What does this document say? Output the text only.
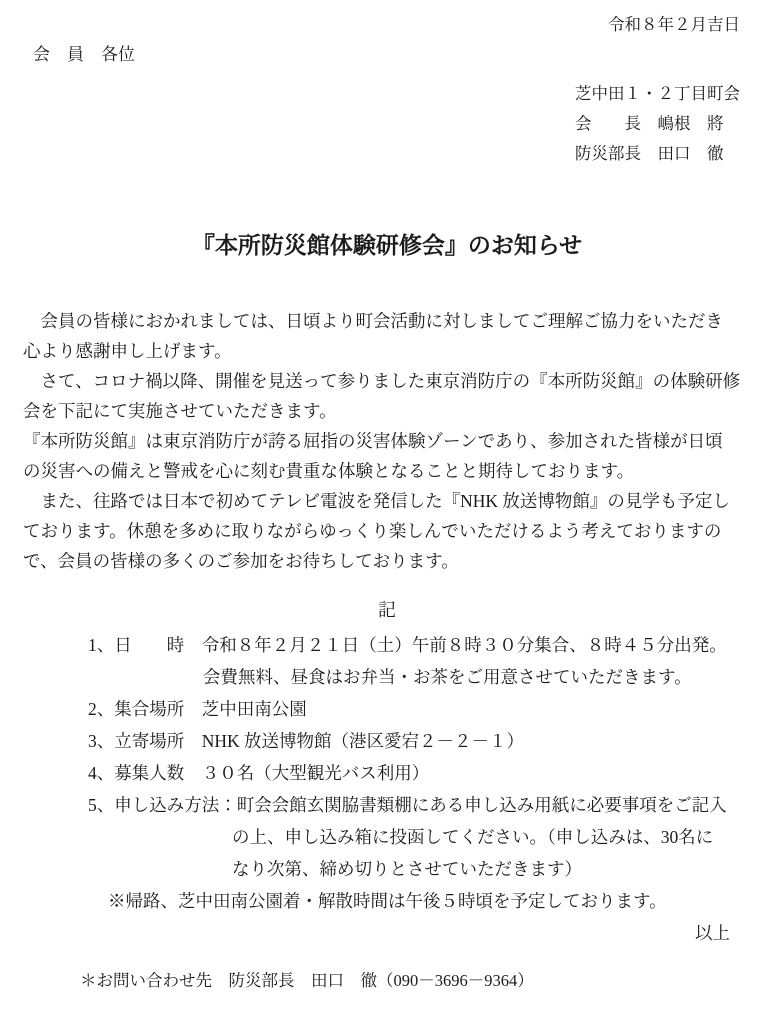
令和８年２月吉日
会　員　各位
芝中田１・２丁目町会
会　　長　嶋根　將
防災部長　田口　徹
『本所防災館体験研修会』のお知らせ
　会員の皆様におかれましては、日頃より町会活動に対しましてご理解ご協力をいただき
心より感謝申し上げます。
　さて、コロナ禍以降、開催を見送って参りました東京消防庁の『本所防災館』の体験研修
会を下記にて実施させていただきます。
『本所防災館』は東京消防庁が誇る屈指の災害体験ゾーンであり、参加された皆様が日頃
の災害への備えと警戒を心に刻む貴重な体験となることと期待しております。
　また、往路では日本で初めてテレビ電波を発信した『NHK 放送博物館』の見学も予定し
ております。休憩を多めに取りながらゆっくり楽しんでいただけるよう考えておりますの
で、会員の皆様の多くのご参加をお待ちしております。
記
1、日　　時　令和８年２月２１日（土）午前８時３０分集合、８時４５分出発。
会費無料、昼食はお弁当・お茶をご用意させていただきます。
2、集合場所　芝中田南公園
3、立寄場所　NHK 放送博物館（港区愛宕２－２－１）
4、募集人数　３０名（大型観光バス利用）
5、申し込み方法：町会会館玄関脇書類棚にある申し込み用紙に必要事項をご記入
の上、申し込み箱に投函してください。（申し込みは、30名に
なり次第、締め切りとさせていただきます）
※帰路、芝中田南公園着・解散時間は午後５時頃を予定しております。
以上
＊お問い合わせ先　防災部長　田口　徹（090－3696－9364）
